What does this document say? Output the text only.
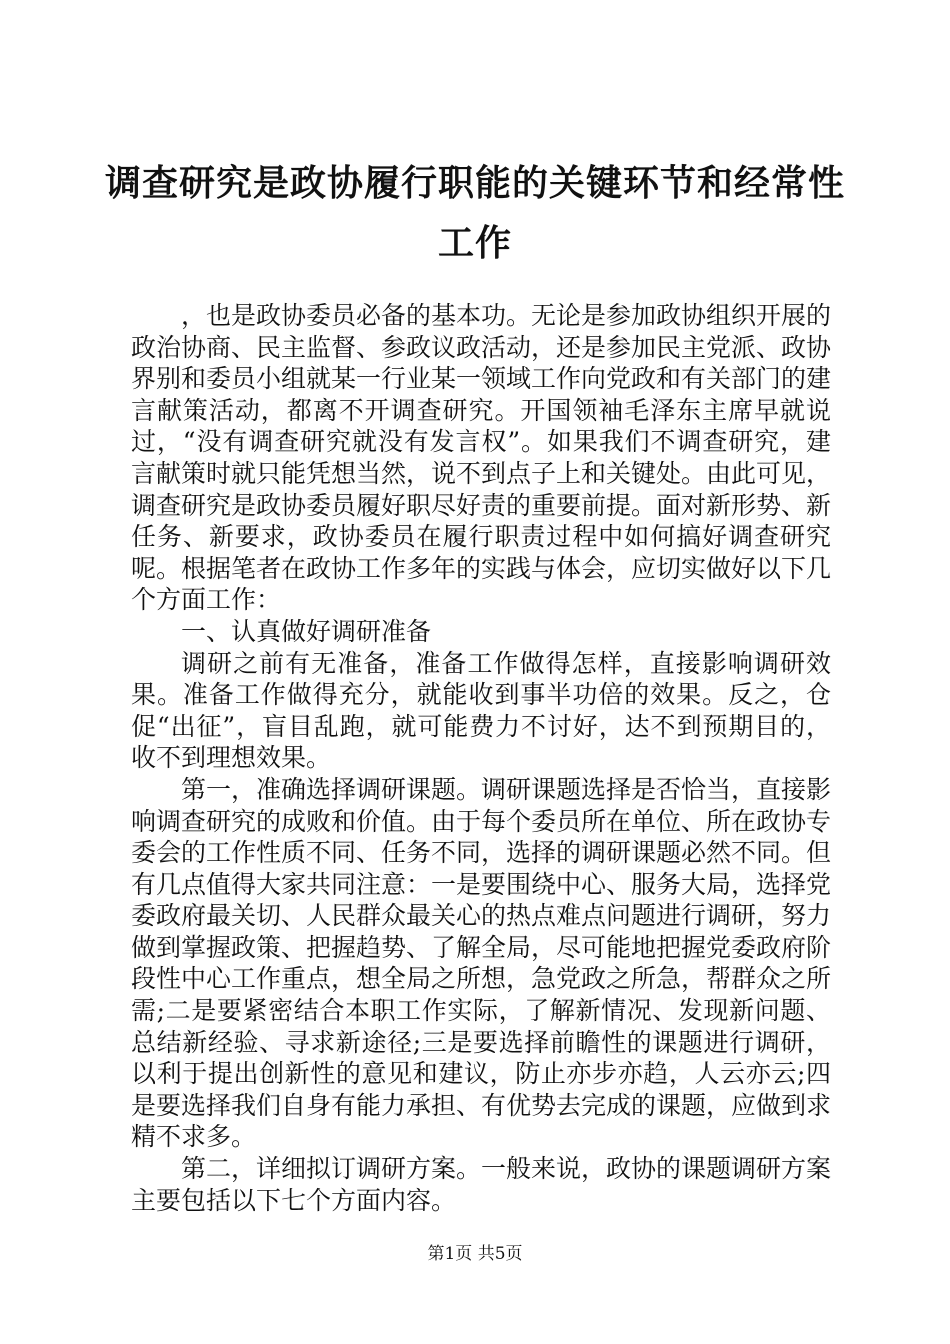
调查研究是政协履行职能的关键环节和经常性
工作

，也是政协委员必备的基本功。无论是参加政协组织开展的政治协商、民主监督、参政议政活动，还是参加民主党派、政协界别和委员小组就某一行业某一领域工作向党政和有关部门的建言献策活动，都离不开调查研究。开国领袖毛泽东主席早就说过，“没有调查研究就没有发言权”。如果我们不调查研究，建言献策时就只能凭想当然，说不到点子上和关键处。由此可见，调查研究是政协委员履好职尽好责的重要前提。面对新形势、新任务、新要求，政协委员在履行职责过程中如何搞好调查研究呢。根据笔者在政协工作多年的实践与体会，应切实做好以下几个方面工作：

一、认真做好调研准备

调研之前有无准备，准备工作做得怎样，直接影响调研效果。准备工作做得充分，就能收到事半功倍的效果。反之，仓促“出征”，盲目乱跑，就可能费力不讨好，达不到预期目的，收不到理想效果。

第一，准确选择调研课题。调研课题选择是否恰当，直接影响调查研究的成败和价值。由于每个委员所在单位、所在政协专委会的工作性质不同、任务不同，选择的调研课题必然不同。但有几点值得大家共同注意：一是要围绕中心、服务大局，选择党委政府最关切、人民群众最关心的热点难点问题进行调研，努力做到掌握政策、把握趋势、了解全局，尽可能地把握党委政府阶段性中心工作重点，想全局之所想，急党政之所急，帮群众之所需;二是要紧密结合本职工作实际，了解新情况、发现新问题、总结新经验、寻求新途径;三是要选择前瞻性的课题进行调研，以利于提出创新性的意见和建议，防止亦步亦趋，人云亦云;四是要选择我们自身有能力承担、有优势去完成的课题，应做到求精不求多。

第二，详细拟订调研方案。一般来说，政协的课题调研方案主要包括以下七个方面内容。

第1页 共5页
